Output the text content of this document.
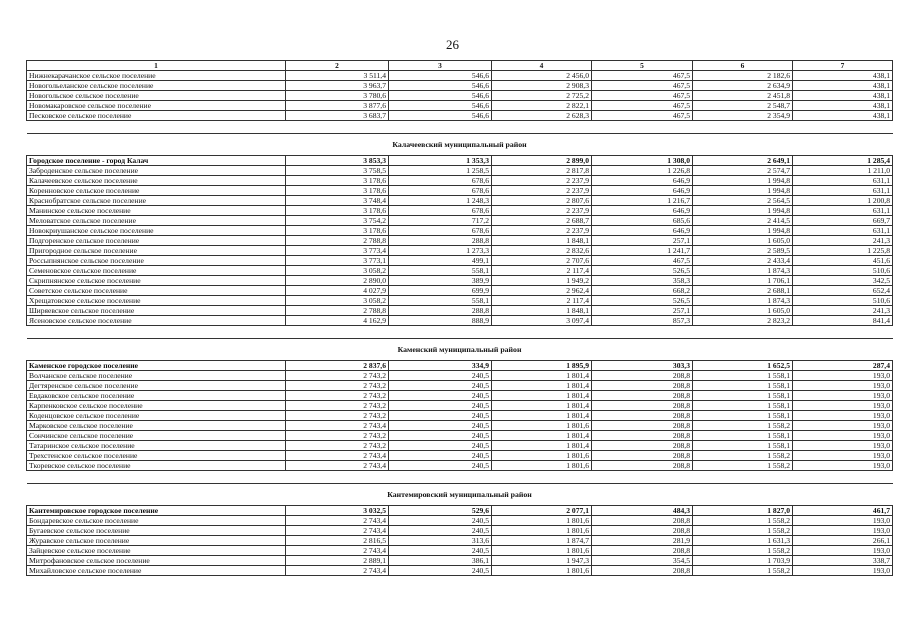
26
1	2	3	4	5	6	7
Нижнекарачанское сельское поселение	3 511,4	546,6	2 456,0	467,5	2 182,6	438,1
Новогольеланское сельское поселение	3 963,7	546,6	2 908,3	467,5	2 634,9	438,1
Новогольское сельское поселение	3 780,6	546,6	2 725,2	467,5	2 451,8	438,1
Новомакаровское сельское поселение	3 877,6	546,6	2 822,1	467,5	2 548,7	438,1
Песковское сельское поселение	3 683,7	546,6	2 628,3	467,5	2 354,9	438,1

Калачеевский муниципальный район						
Городское поселение - город Калач	3 853,3	1 353,3	2 899,0	1 308,0	2 649,1	1 285,4
Заброденское сельское поселение	3 758,5	1 258,5	2 817,8	1 226,8	2 574,7	1 211,0
Калачеевское сельское поселение	3 178,6	678,6	2 237,9	646,9	1 994,8	631,1
Коренновское сельское поселение	3 178,6	678,6	2 237,9	646,9	1 994,8	631,1
Краснобратское сельское поселение	3 748,4	1 248,3	2 807,6	1 216,7	2 564,5	1 200,8
Манинское сельское поселение	3 178,6	678,6	2 237,9	646,9	1 994,8	631,1
Меловатское сельское поселение	3 754,2	717,2	2 688,7	685,6	2 414,5	669,7
Новокриушанское сельское поселение	3 178,6	678,6	2 237,9	646,9	1 994,8	631,1
Подгоренское сельское поселение	2 788,8	288,8	1 848,1	257,1	1 605,0	241,3
Пригородное сельское поселение	3 773,4	1 273,3	2 832,6	1 241,7	2 589,5	1 225,8
Россыпнянское сельское поселение	3 773,1	499,1	2 707,6	467,5	2 433,4	451,6
Семеновское сельское поселение	3 058,2	558,1	2 117,4	526,5	1 874,3	510,6
Скрипнянское сельское поселение	2 890,0	389,9	1 949,2	358,3	1 706,1	342,5
Советское сельское поселение	4 027,9	699,9	2 962,4	668,2	2 688,1	652,4
Хрещатовское сельское поселение	3 058,2	558,1	2 117,4	526,5	1 874,3	510,6
Ширяевское сельское поселение	2 788,8	288,8	1 848,1	257,1	1 605,0	241,3
Ясеновское сельское поселение	4 162,9	888,9	3 097,4	857,3	2 823,2	841,4

Каменский муниципальный район						
Каменское городское поселение	2 837,6	334,9	1 895,9	303,3	1 652,5	287,4
Волчанское сельское поселение	2 743,2	240,5	1 801,4	208,8	1 558,1	193,0
Дегтяренское сельское поселение	2 743,2	240,5	1 801,4	208,8	1 558,1	193,0
Евдаковское сельское поселение	2 743,2	240,5	1 801,4	208,8	1 558,1	193,0
Карпенковское сельское поселение	2 743,2	240,5	1 801,4	208,8	1 558,1	193,0
Коденцовское сельское поселение	2 743,2	240,5	1 801,4	208,8	1 558,1	193,0
Марковское сельское поселение	2 743,4	240,5	1 801,6	208,8	1 558,2	193,0
Сончинское сельское поселение	2 743,2	240,5	1 801,4	208,8	1 558,1	193,0
Татаринское сельское поселение	2 743,2	240,5	1 801,4	208,8	1 558,1	193,0
Трехстенское сельское поселение	2 743,4	240,5	1 801,6	208,8	1 558,2	193,0
Ткоревское сельское поселение	2 743,4	240,5	1 801,6	208,8	1 558,2	193,0

Кантемировский муниципальный район						
Кантемировское городское поселение	3 032,5	529,6	2 077,1	484,3	1 827,0	461,7
Бондаревское сельское поселение	2 743,4	240,5	1 801,6	208,8	1 558,2	193,0
Бугаевское сельское поселение	2 743,4	240,5	1 801,6	208,8	1 558,2	193,0
Журавское сельское поселение	2 816,5	313,6	1 874,7	281,9	1 631,3	266,1
Зайцевское сельское поселение	2 743,4	240,5	1 801,6	208,8	1 558,2	193,0
Митрофановское сельское поселение	2 889,1	386,1	1 947,3	354,5	1 703,9	338,7
Михайловское сельское поселение	2 743,4	240,5	1 801,6	208,8	1 558,2	193,0
